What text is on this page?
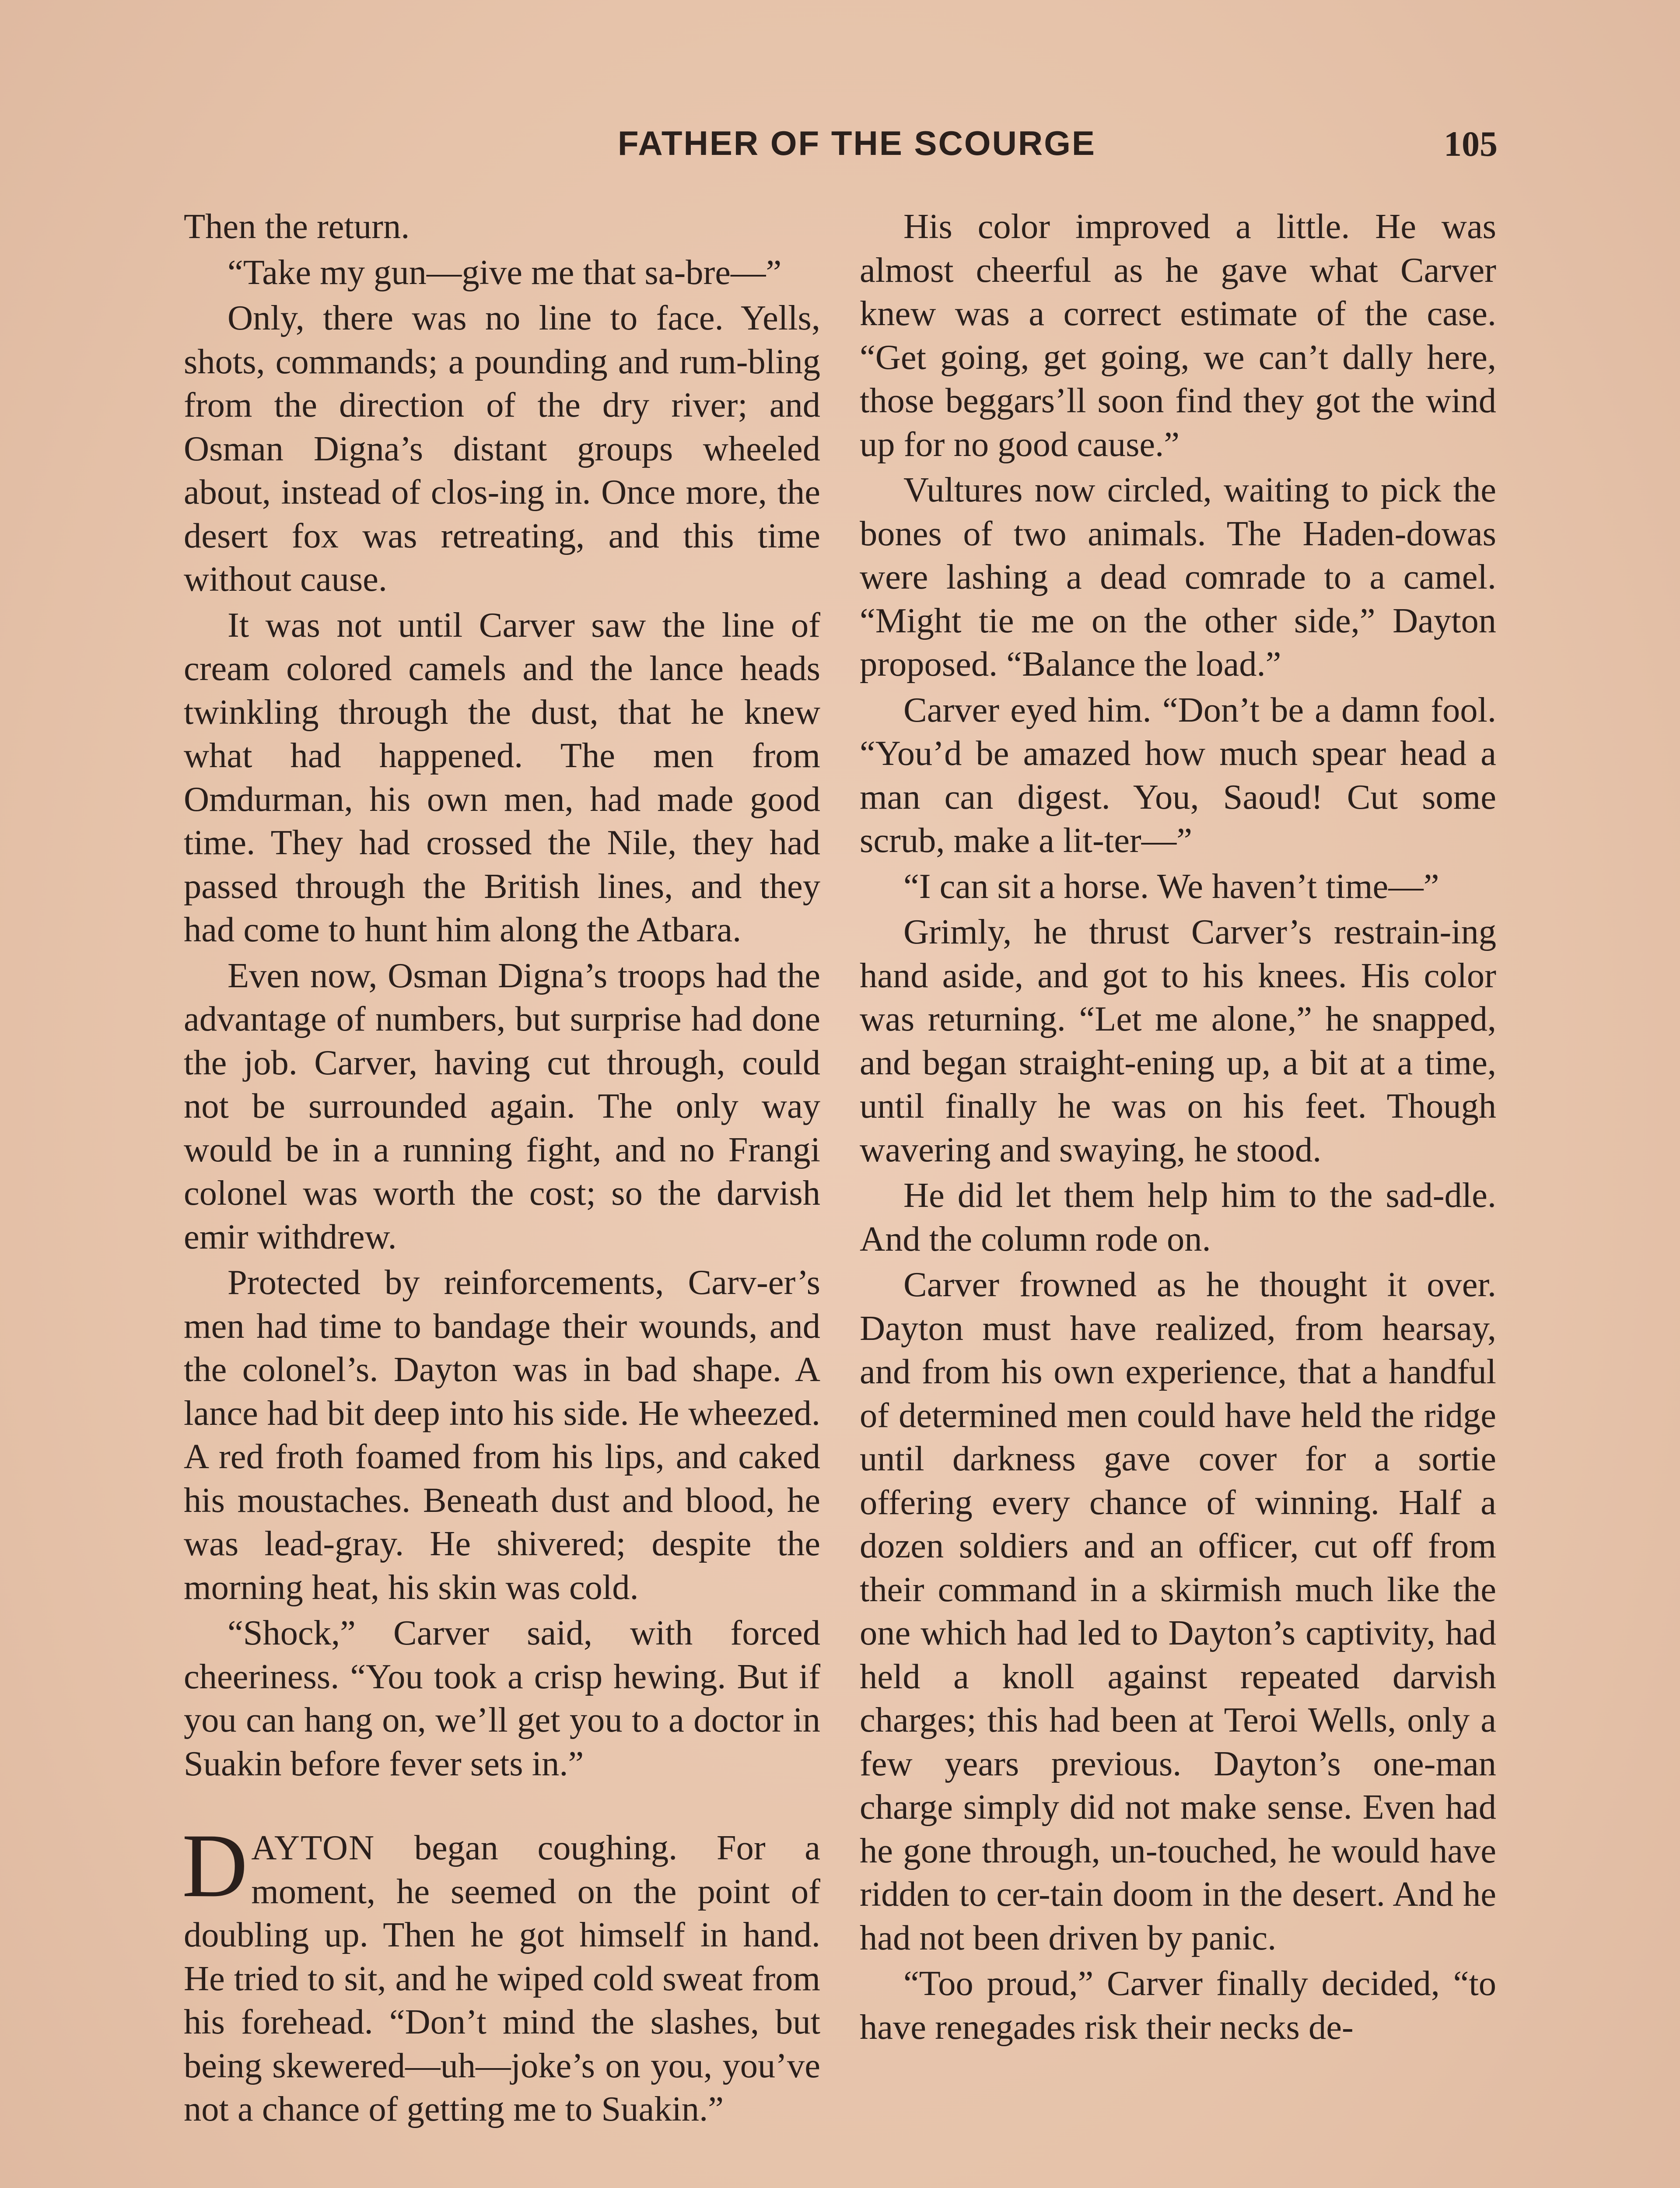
FATHER OF THE SCOURGE	105

Then the return.

“Take my gun—give me that sa-bre—”

Only, there was no line to face. Yells, shots, commands; a pounding and rum-bling from the direction of the dry river; and Osman Digna’s distant groups wheeled about, instead of clos-ing in. Once more, the desert fox was retreating, and this time without cause.

It was not until Carver saw the line of cream colored camels and the lance heads twinkling through the dust, that he knew what had happened. The men from Omdurman, his own men, had made good time. They had crossed the Nile, they had passed through the British lines, and they had come to hunt him along the Atbara.

Even now, Osman Digna’s troops had the advantage of numbers, but surprise had done the job. Carver, having cut through, could not be surrounded again. The only way would be in a running fight, and no Frangi colonel was worth the cost; so the darvish emir withdrew.

Protected by reinforcements, Carv-er’s men had time to bandage their wounds, and the colonel’s. Dayton was in bad shape. A lance had bit deep into his side. He wheezed. A red froth foamed from his lips, and caked his moustaches. Beneath dust and blood, he was lead-gray. He shivered; despite the morning heat, his skin was cold.

“Shock,” Carver said, with forced cheeriness. “You took a crisp hewing. But if you can hang on, we’ll get you to a doctor in Suakin before fever sets in.”

DAYTON began coughing. For a moment, he seemed on the point of doubling up. Then he got himself in hand. He tried to sit, and he wiped cold sweat from his forehead. “Don’t mind the slashes, but being skewered—uh—joke’s on you, you’ve not a chance of getting me to Suakin.”

His color improved a little. He was almost cheerful as he gave what Carver knew was a correct estimate of the case. “Get going, get going, we can’t dally here, those beggars’ll soon find they got the wind up for no good cause.”

Vultures now circled, waiting to pick the bones of two animals. The Haden-dowas were lashing a dead comrade to a camel. “Might tie me on the other side,” Dayton proposed. “Balance the load.”

Carver eyed him. “Don’t be a damn fool. “You’d be amazed how much spear head a man can digest. You, Saoud! Cut some scrub, make a lit-ter—”

“I can sit a horse. We haven’t time—”

Grimly, he thrust Carver’s restrain-ing hand aside, and got to his knees. His color was returning. “Let me alone,” he snapped, and began straight-ening up, a bit at a time, until finally he was on his feet. Though wavering and swaying, he stood.

He did let them help him to the sad-dle. And the column rode on.

Carver frowned as he thought it over. Dayton must have realized, from hearsay, and from his own experience, that a handful of determined men could have held the ridge until darkness gave cover for a sortie offering every chance of winning. Half a dozen soldiers and an officer, cut off from their command in a skirmish much like the one which had led to Dayton’s captivity, had held a knoll against repeated darvish charges; this had been at Teroi Wells, only a few years previous. Dayton’s one-man charge simply did not make sense. Even had he gone through, un-touched, he would have ridden to cer-tain doom in the desert. And he had not been driven by panic.

“Too proud,” Carver finally decided, “to have renegades risk their necks de-
